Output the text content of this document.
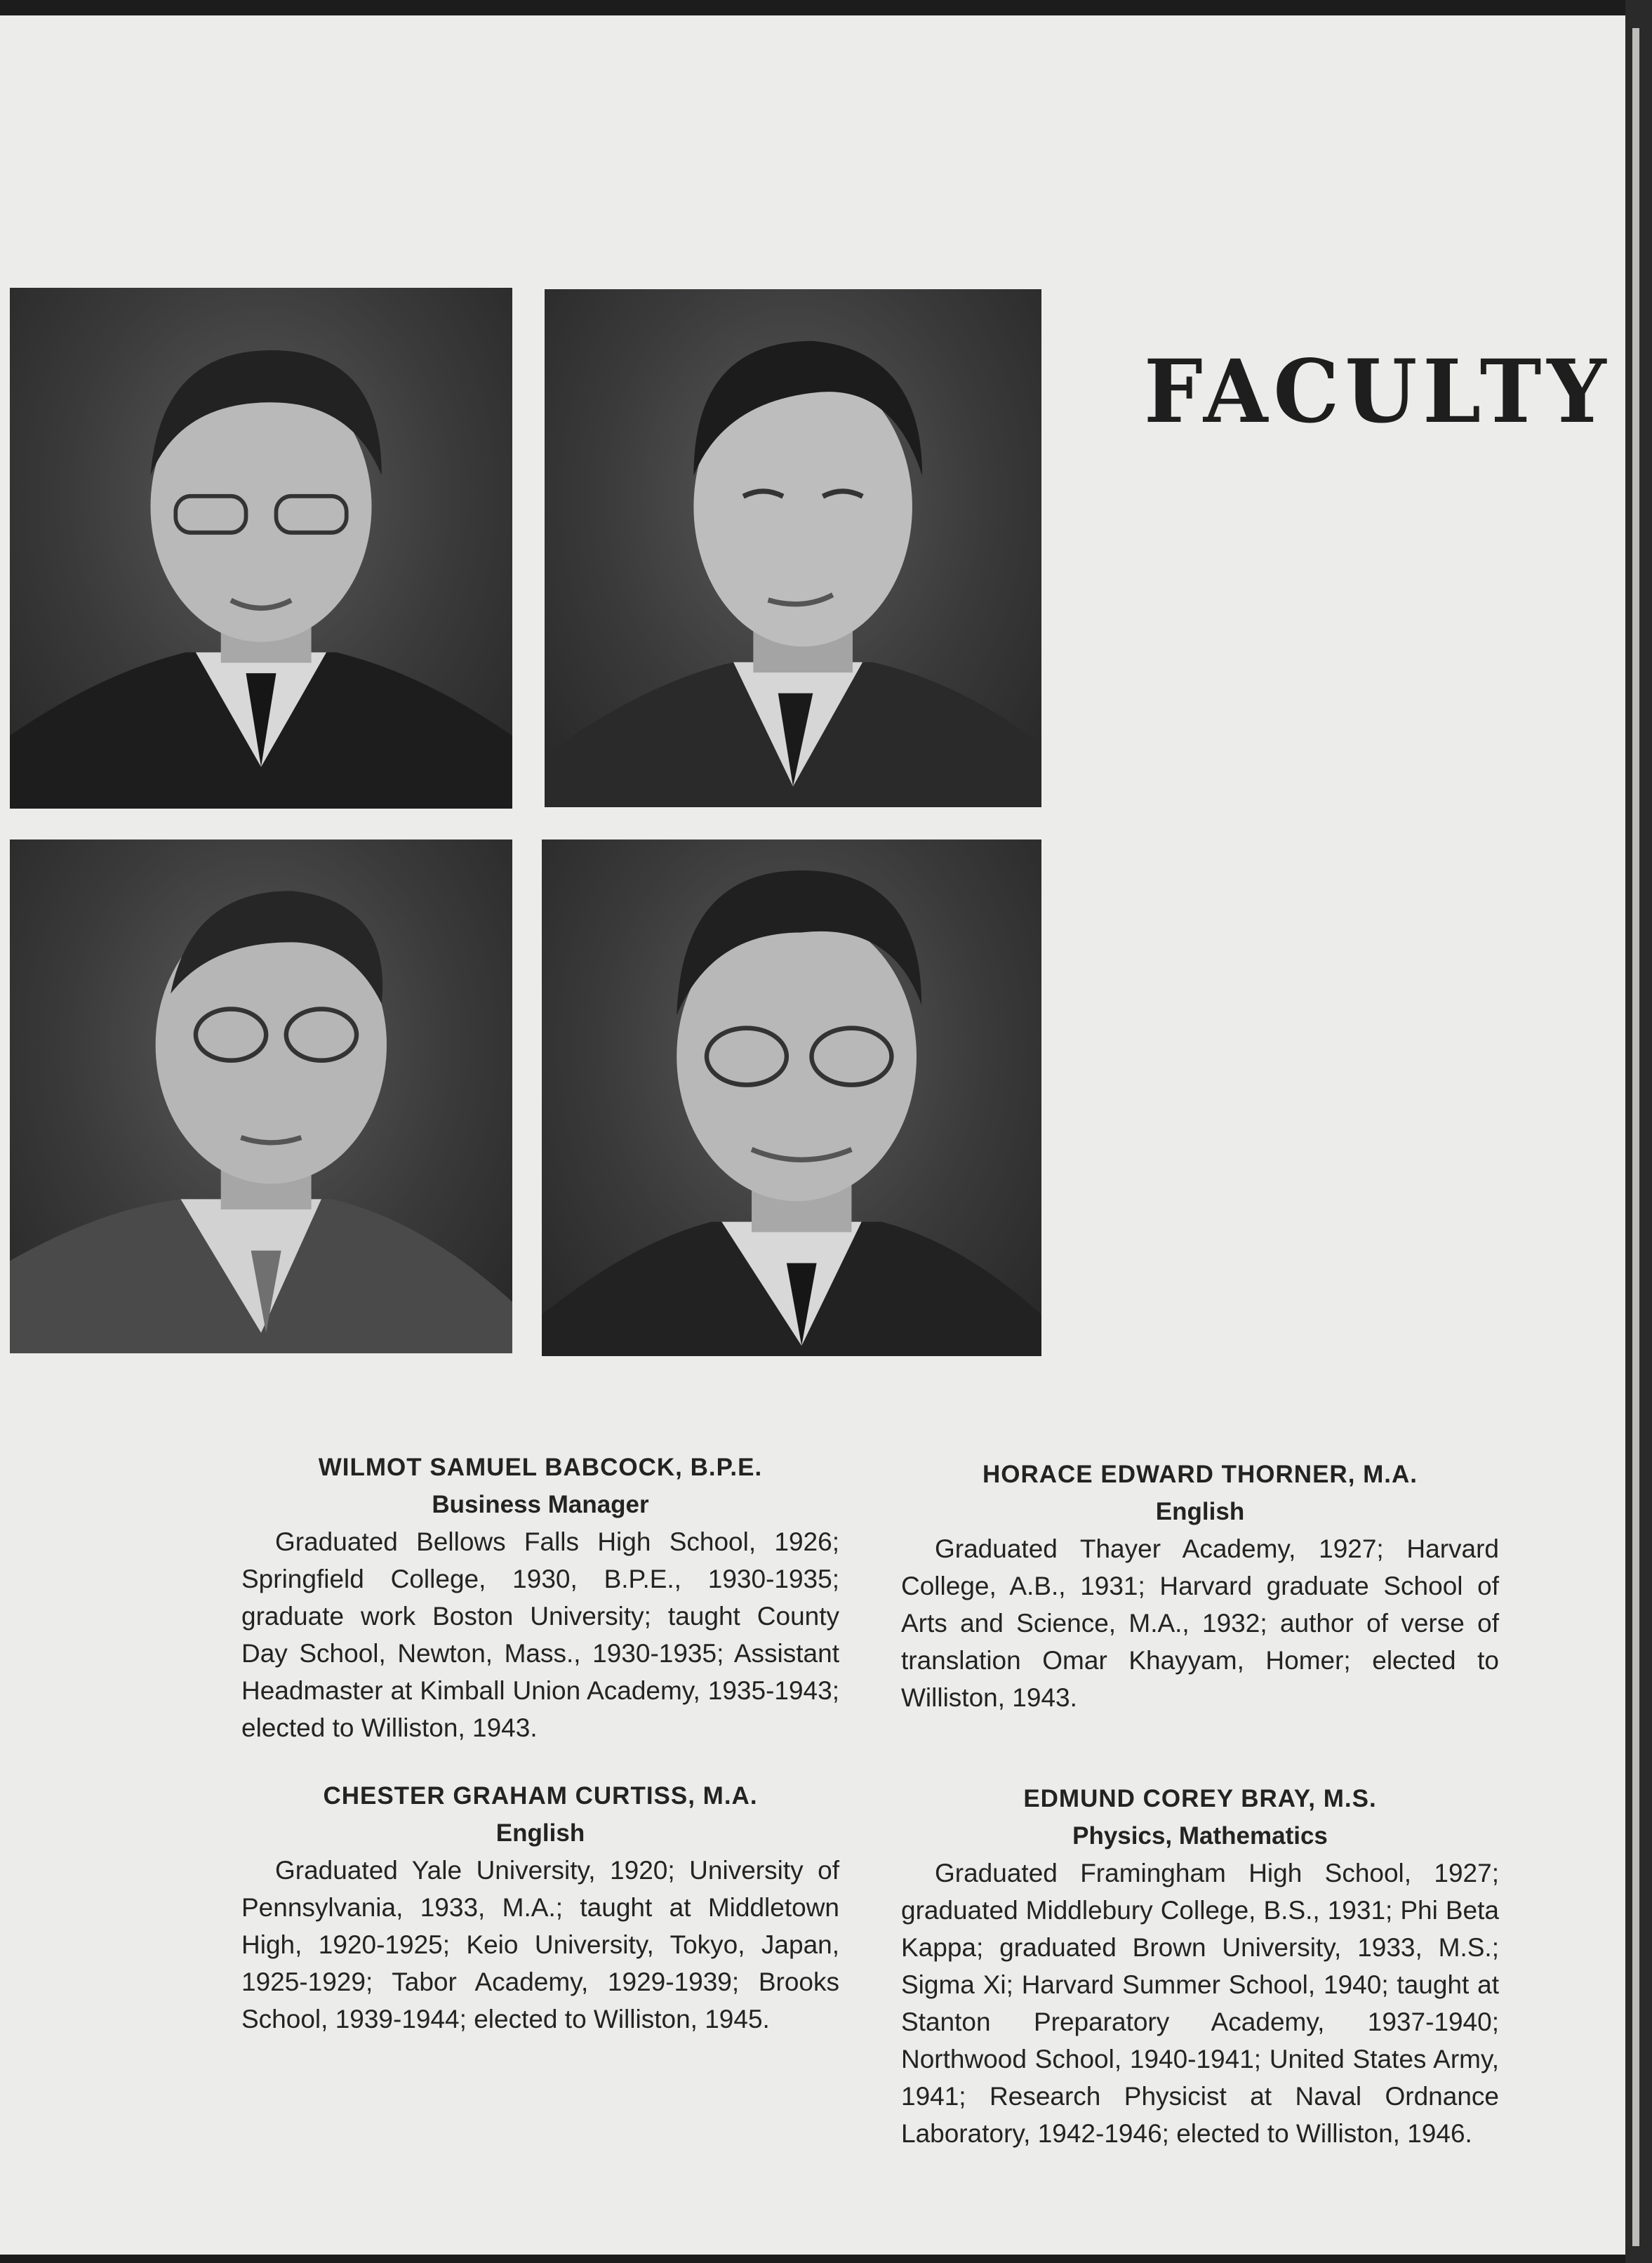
FACULTY
WILMOT SAMUEL BABCOCK, B.P.E.
Business Manager

Graduated Bellows Falls High School, 1926; Springfield College, 1930, B.P.E., 1930-1935; graduate work Boston University; taught County Day School, Newton, Mass., 1930-1935; Assistant Headmaster at Kimball Union Academy, 1935-1943; elected to Williston, 1943.

HORACE EDWARD THORNER, M.A.
English

Graduated Thayer Academy, 1927; Harvard College, A.B., 1931; Harvard graduate School of Arts and Science, M.A., 1932; author of verse of translation Omar Khayyam, Homer; elected to Williston, 1943.

CHESTER GRAHAM CURTISS, M.A.
English

Graduated Yale University, 1920; University of Pennsylvania, 1933, M.A.; taught at Middletown High, 1920-1925; Keio University, Tokyo, Japan, 1925-1929; Tabor Academy, 1929-1939; Brooks School, 1939-1944; elected to Williston, 1945.

EDMUND COREY BRAY, M.S.
Physics, Mathematics

Graduated Framingham High School, 1927; graduated Middlebury College, B.S., 1931; Phi Beta Kappa; graduated Brown University, 1933, M.S.; Sigma Xi; Harvard Summer School, 1940; taught at Stanton Preparatory Academy, 1937-1940; Northwood School, 1940-1941; United States Army, 1941; Research Physicist at Naval Ordnance Laboratory, 1942-1946; elected to Williston, 1946.
